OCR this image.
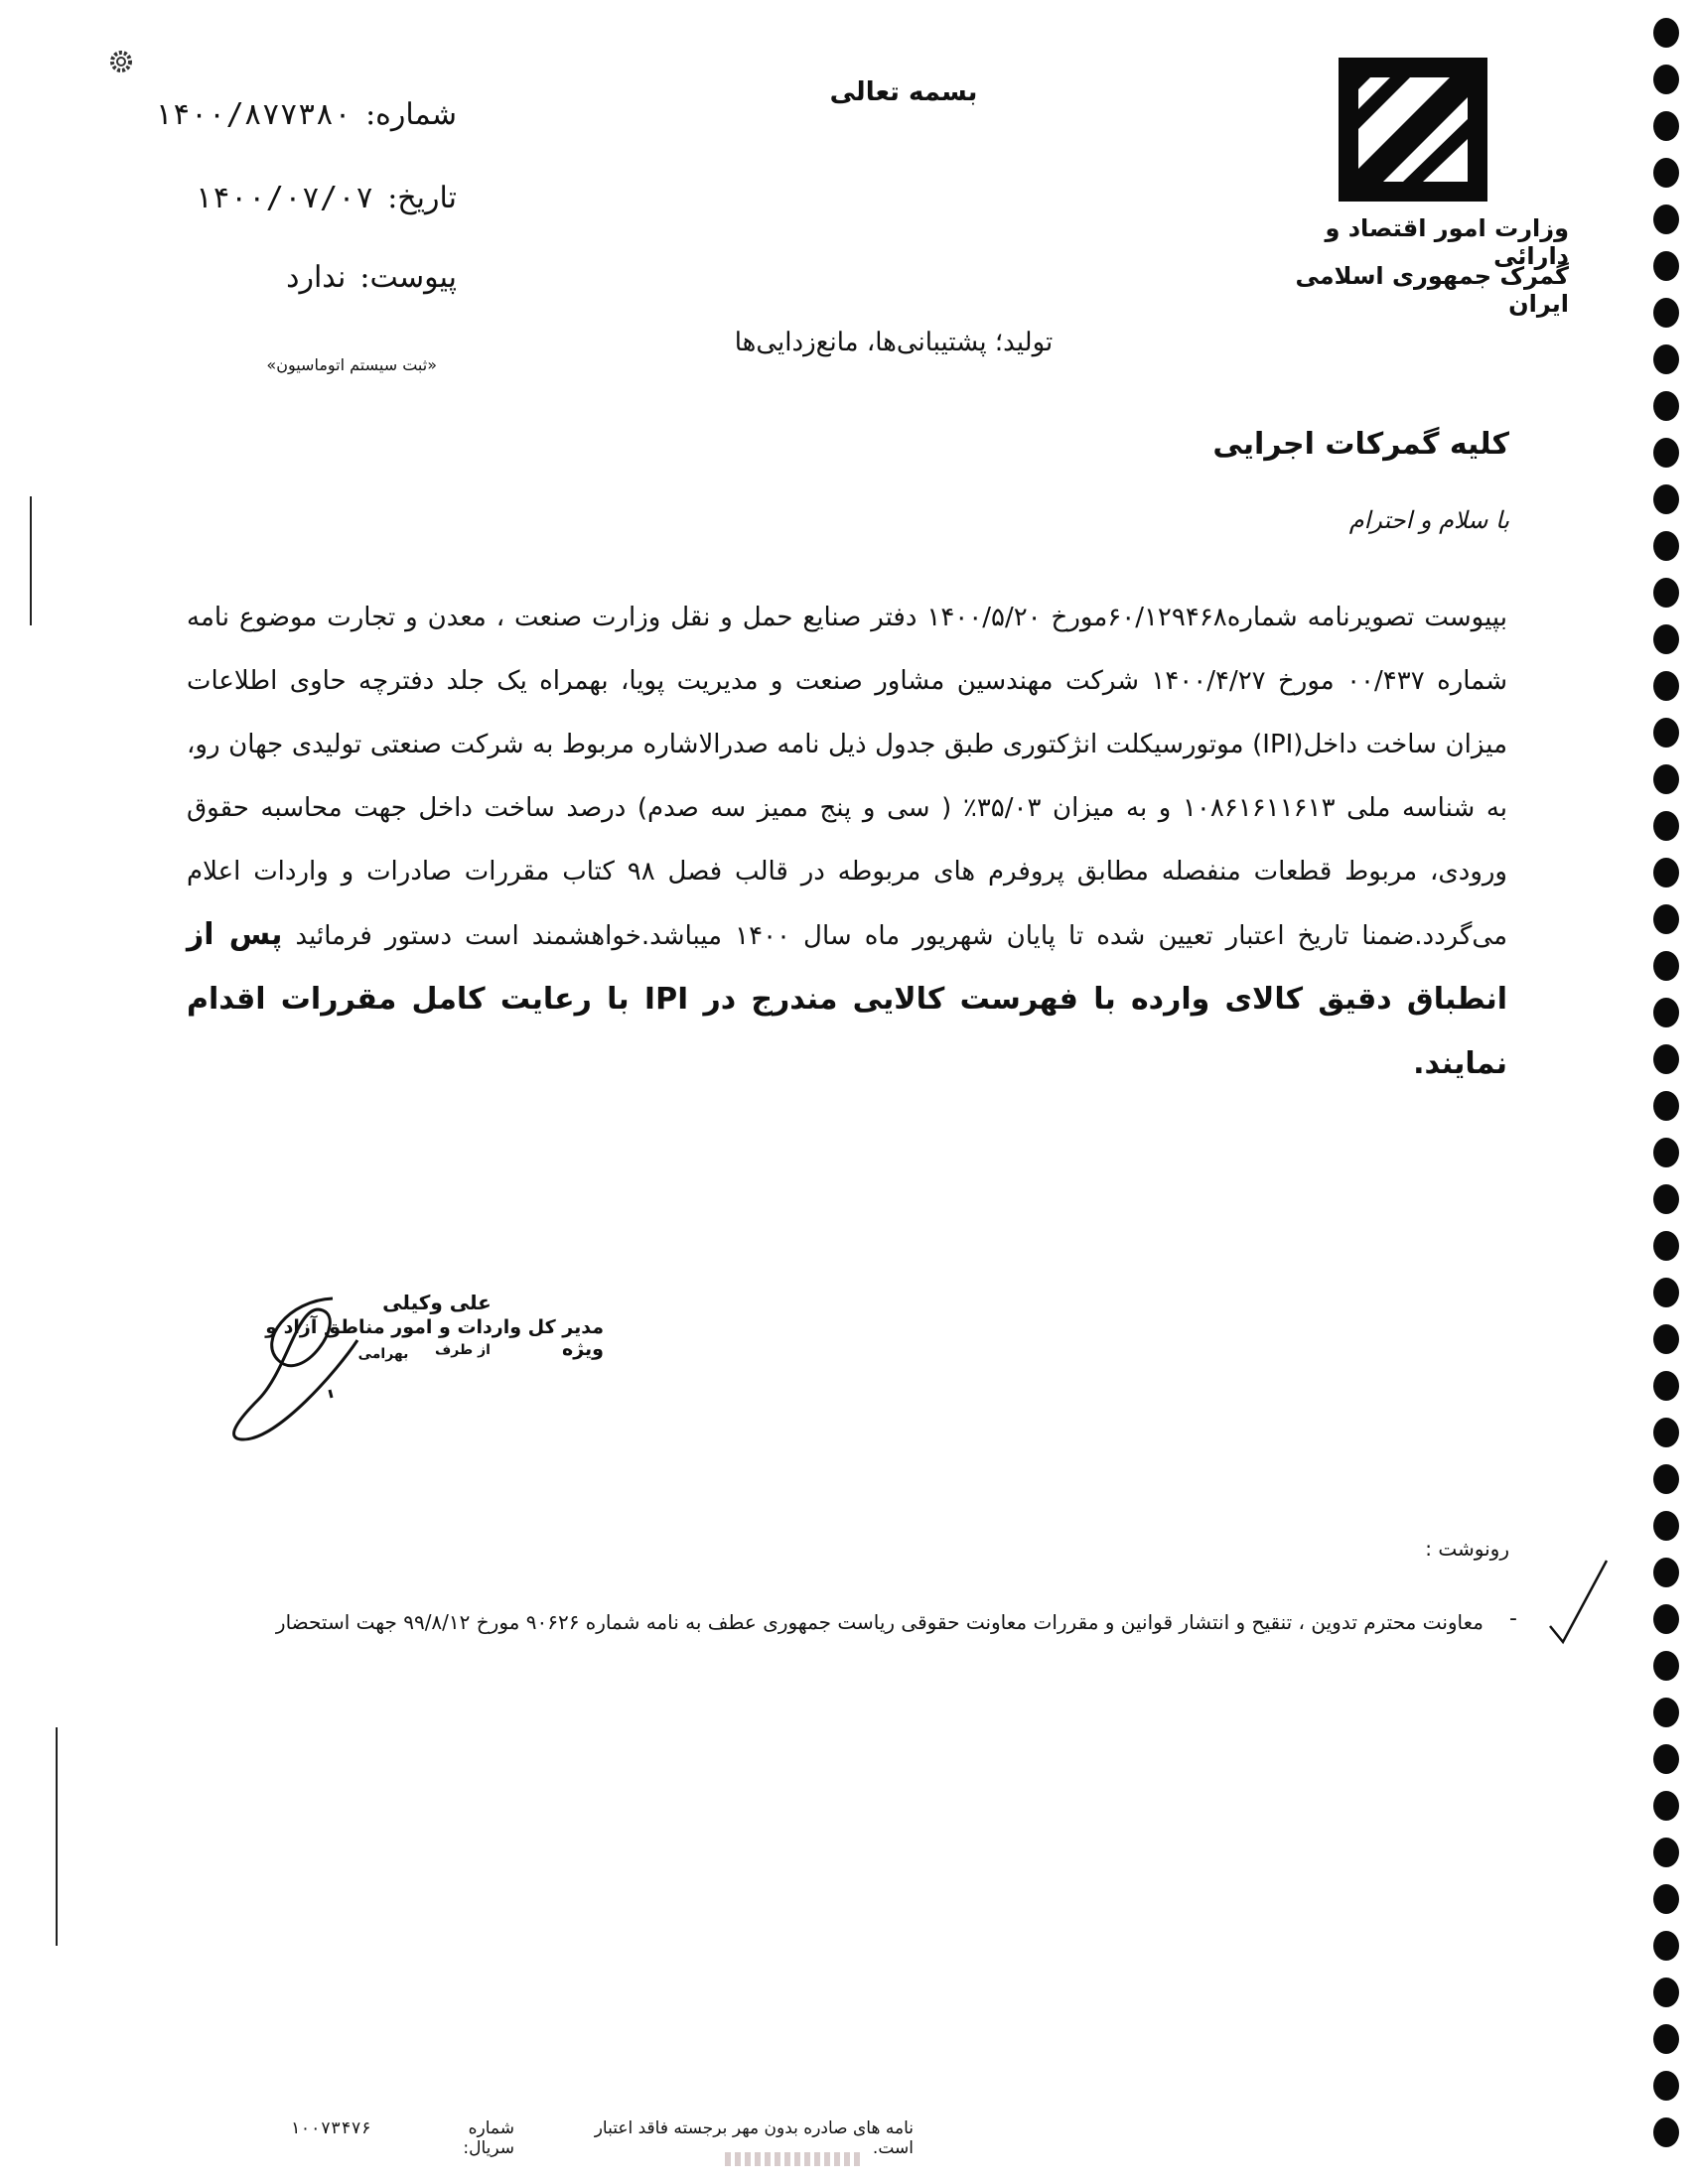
بسمه تعالی
وزارت امور اقتصاد و دارائی
گمرک جمهوری اسلامی ایران
شماره:
۱۴۰۰/۸۷۷۳۸۰
تاریخ:
۱۴۰۰/۰۷/۰۷
پیوست:
ندارد
«ثبت سیستم اتوماسیون»
تولید؛ پشتیبانی‌ها، مانع‌زدایی‌ها
کلیه گمرکات اجرایی
با سلام و احترام
بپیوست تصویرنامه شماره۶۰/۱۲۹۴۶۸مورخ ۱۴۰۰/۵/۲۰ دفتر صنایع حمل و نقل وزارت صنعت ، معدن و تجارت موضوع نامه شماره ۰۰/۴۳۷ مورخ ۱۴۰۰/۴/۲۷ شرکت مهندسین مشاور صنعت و مدیریت پویا، بهمراه یک جلد دفترچه حاوی اطلاعات میزان ساخت داخل(IPI) موتورسیکلت انژکتوری طبق جدول ذیل نامه صدرالاشاره مربوط به شرکت صنعتی تولیدی جهان رو، به شناسه ملی ۱۰۸۶۱۶۱۱۶۱۳ و به میزان ۳۵/۰۳٪ ( سی و پنج ممیز سه صدم) درصد ساخت داخل جهت محاسبه حقوق ورودی، مربوط قطعات منفصله مطابق پروفرم های مربوطه در قالب فصل ۹۸ کتاب مقررات صادرات و واردات اعلام می‌گردد.ضمنا تاریخ اعتبار تعیین شده تا پایان شهریور ماه سال ۱۴۰۰ میباشد.خواهشمند است دستور فرمائید پس از انطباق دقیق کالای وارده با فهرست کالایی مندرج در IPI با رعایت کامل مقررات اقدام نمایند.
علی وکیلی
مدیر کل واردات و امور مناطق آزاد و ویژه
از طرف
بهرامی
رونوشت :
معاونت محترم تدوین ، تنقیح و انتشار قوانین و مقررات معاونت حقوقی ریاست جمهوری عطف به نامه شماره ۹۰۶۲۶ مورخ ۹۹/۸/۱۲ جهت استحضار -
نامه های صادره بدون مهر برجسته فاقد اعتبار است.
شماره سریال:
۱۰۰۷۳۴۷۶
